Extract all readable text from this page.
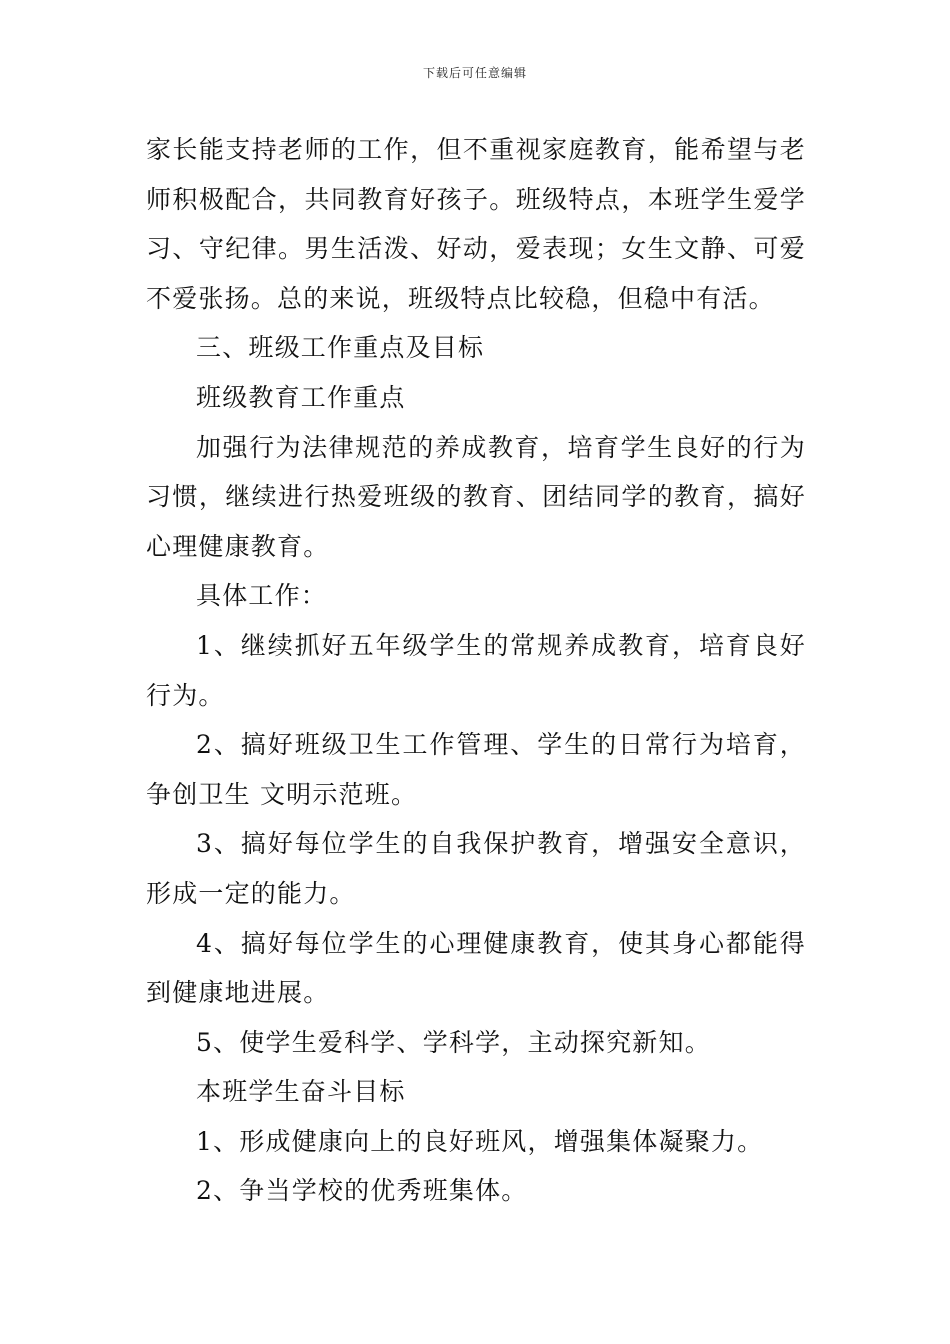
下载后可任意编辑

家长能支持老师的工作，但不重视家庭教育，能希望与老师积极配合，共同教育好孩子。班级特点，本班学生爱学习、守纪律。男生活泼、好动，爱表现；女生文静、可爱不爱张扬。总的来说，班级特点比较稳，但稳中有活。

三、班级工作重点及目标

班级教育工作重点

加强行为法律规范的养成教育，培育学生良好的行为习惯，继续进行热爱班级的教育、团结同学的教育，搞好心理健康教育。

具体工作：

1、继续抓好五年级学生的常规养成教育，培育良好行为。

2、搞好班级卫生工作管理、学生的日常行为培育，争创卫生 文明示范班。

3、搞好每位学生的自我保护教育，增强安全意识，形成一定的能力。

4、搞好每位学生的心理健康教育，使其身心都能得到健康地进展。

5、使学生爱科学、学科学，主动探究新知。

本班学生奋斗目标

1、形成健康向上的良好班风，增强集体凝聚力。

2、争当学校的优秀班集体。
